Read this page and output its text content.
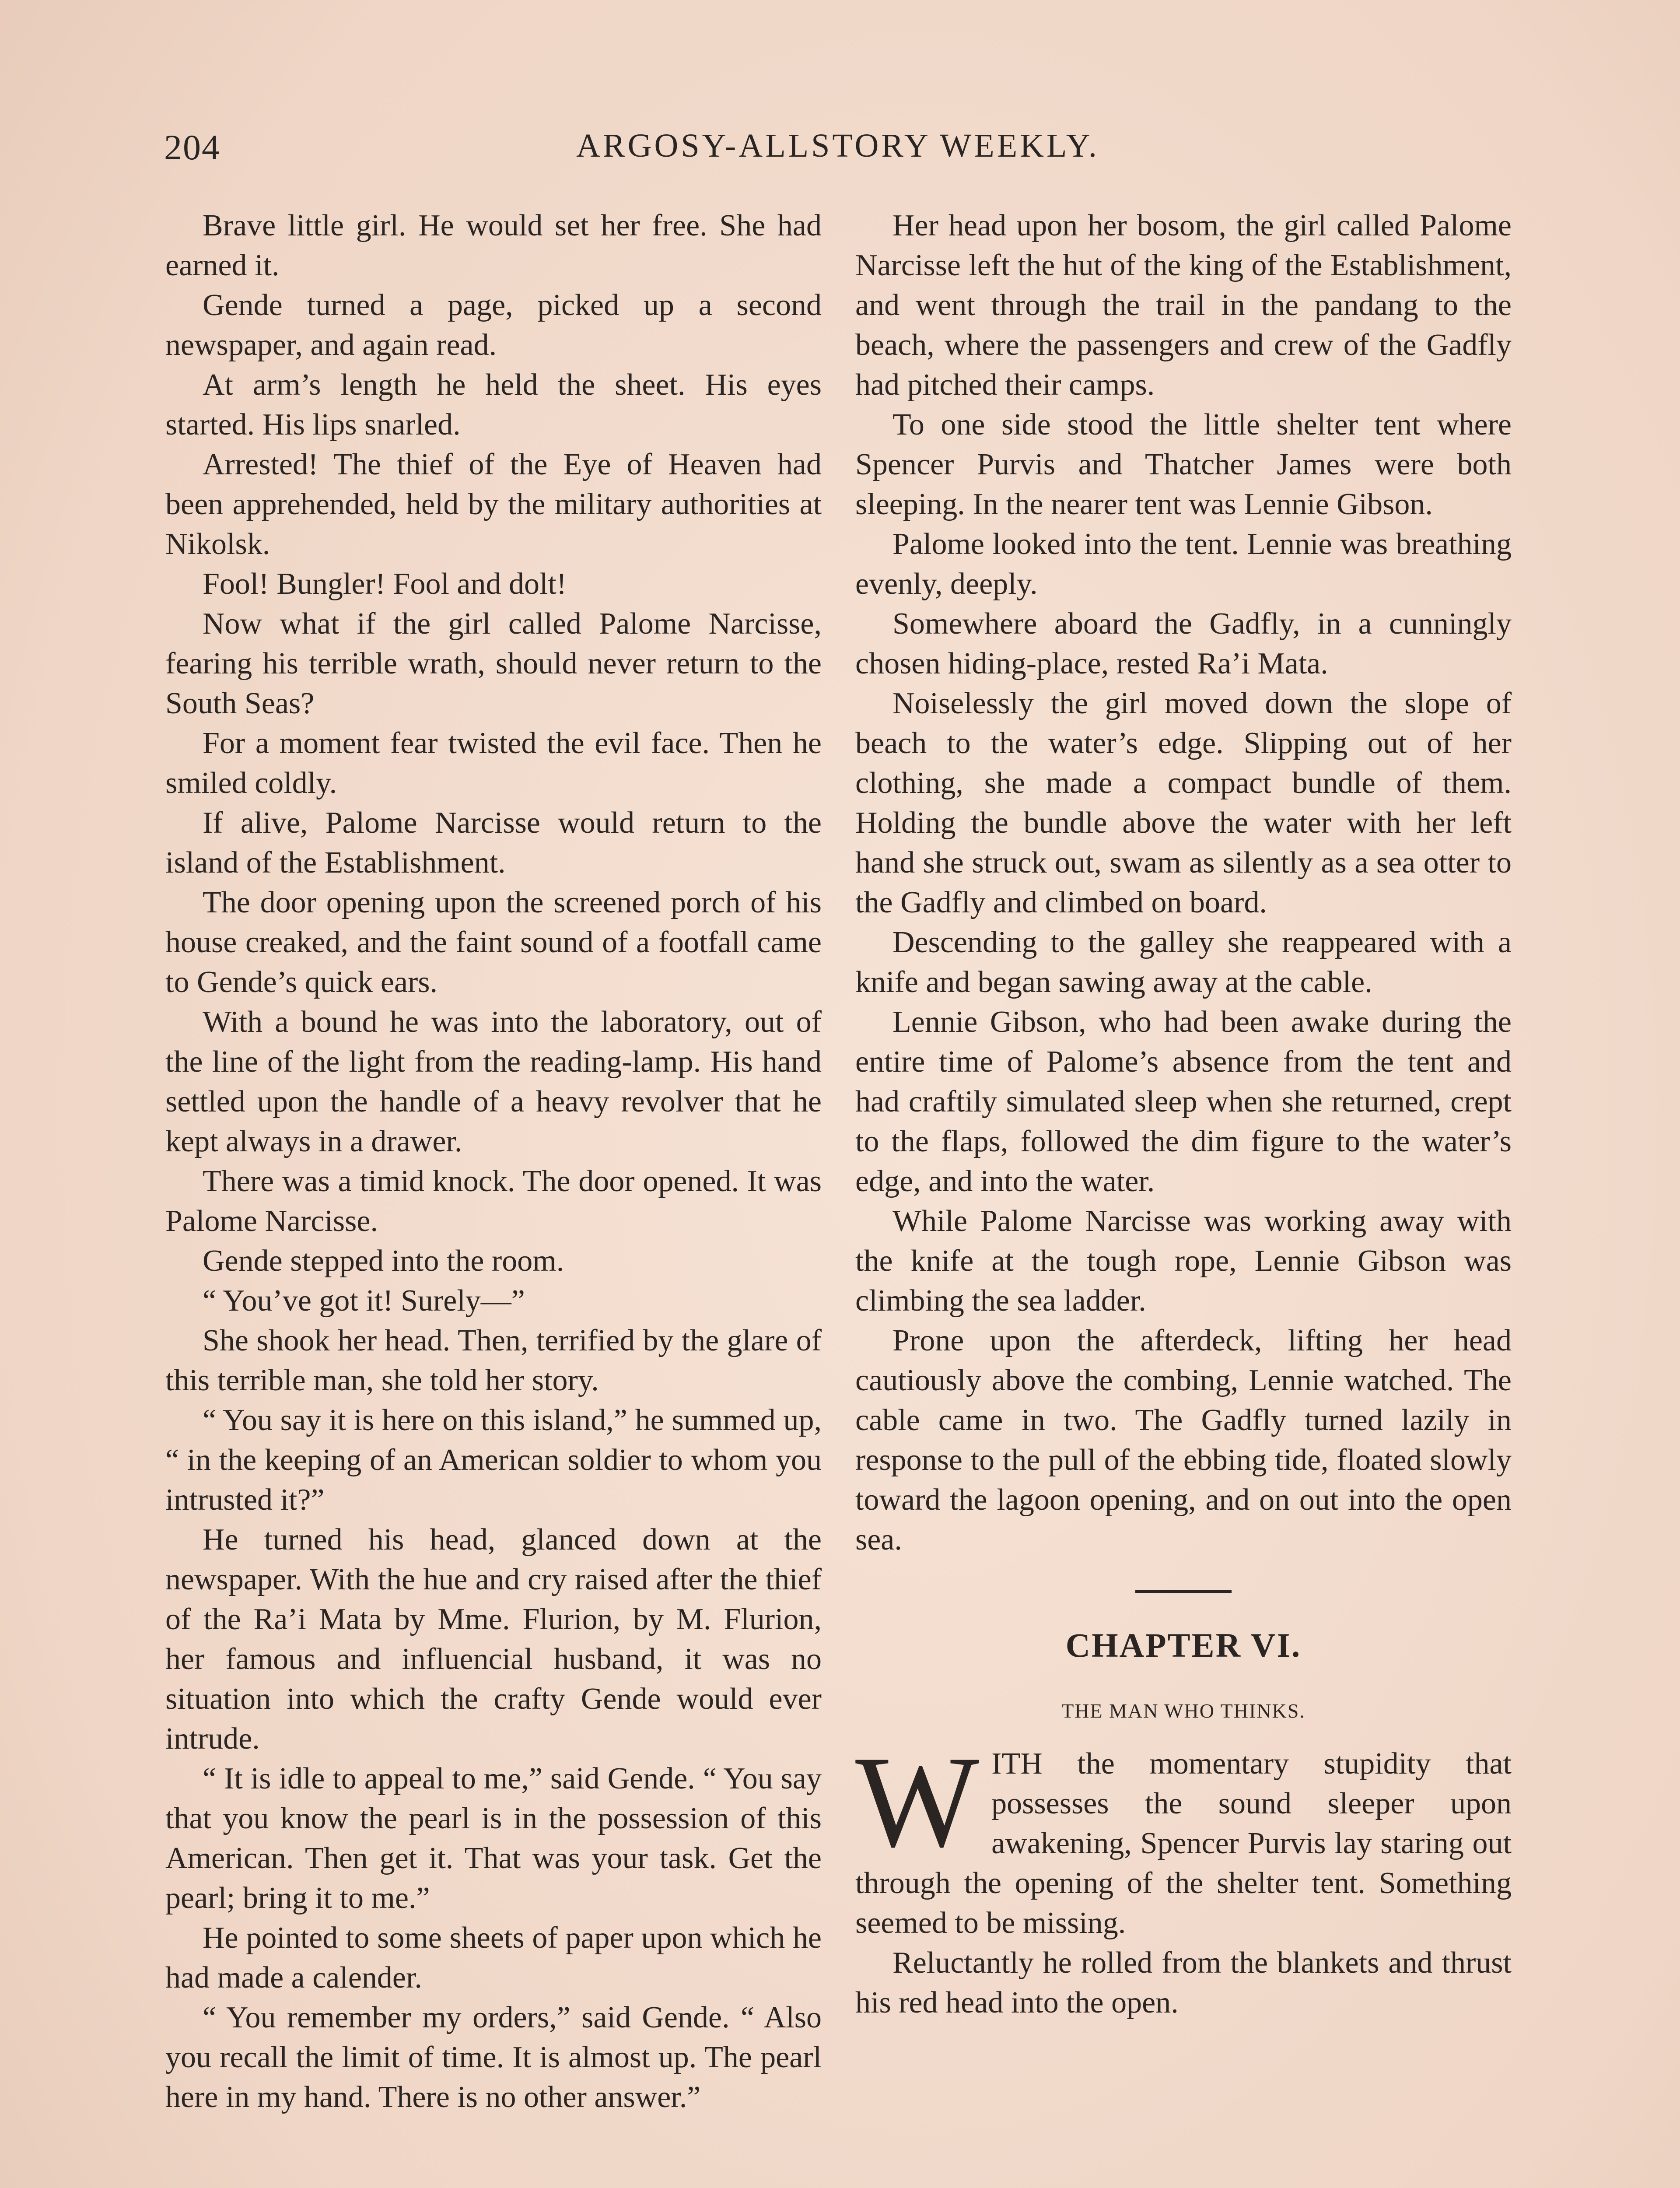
204	ARGOSY-ALLSTORY WEEKLY.

Brave little girl. He would set her free. She had earned it.

Gende turned a page, picked up a second newspaper, and again read.

At arm’s length he held the sheet. His eyes started. His lips snarled.

Arrested! The thief of the Eye of Heaven had been apprehended, held by the military authorities at Nikolsk.

Fool! Bungler! Fool and dolt!

Now what if the girl called Palome Narcisse, fearing his terrible wrath, should never return to the South Seas?

For a moment fear twisted the evil face. Then he smiled coldly.

If alive, Palome Narcisse would return to the island of the Establishment.

The door opening upon the screened porch of his house creaked, and the faint sound of a footfall came to Gende’s quick ears.

With a bound he was into the laboratory, out of the line of the light from the reading-lamp. His hand settled upon the handle of a heavy revolver that he kept always in a drawer.

There was a timid knock. The door opened. It was Palome Narcisse.

Gende stepped into the room.

“ You’ve got it! Surely—”

She shook her head. Then, terrified by the glare of this terrible man, she told her story.

“ You say it is here on this island,” he summed up, “ in the keeping of an American soldier to whom you intrusted it?”

He turned his head, glanced down at the newspaper. With the hue and cry raised after the thief of the Ra’i Mata by Mme. Flurion, by M. Flurion, her famous and influencial husband, it was no situation into which the crafty Gende would ever intrude.

“ It is idle to appeal to me,” said Gende. “ You say that you know the pearl is in the possession of this American. Then get it. That was your task. Get the pearl; bring it to me.”

He pointed to some sheets of paper upon which he had made a calender.

“ You remember my orders,” said Gende. “ Also you recall the limit of time. It is almost up. The pearl here in my hand. There is no other answer.”

Her head upon her bosom, the girl called Palome Narcisse left the hut of the king of the Establishment, and went through the trail in the pandang to the beach, where the passengers and crew of the Gadfly had pitched their camps.

To one side stood the little shelter tent where Spencer Purvis and Thatcher James were both sleeping. In the nearer tent was Lennie Gibson.

Palome looked into the tent. Lennie was breathing evenly, deeply.

Somewhere aboard the Gadfly, in a cunningly chosen hiding-place, rested Ra’i Mata.

Noiselessly the girl moved down the slope of beach to the water’s edge. Slipping out of her clothing, she made a compact bundle of them. Holding the bundle above the water with her left hand she struck out, swam as silently as a sea otter to the Gadfly and climbed on board.

Descending to the galley she reappeared with a knife and began sawing away at the cable.

Lennie Gibson, who had been awake during the entire time of Palome’s absence from the tent and had craftily simulated sleep when she returned, crept to the flaps, followed the dim figure to the water’s edge, and into the water.

While Palome Narcisse was working away with the knife at the tough rope, Lennie Gibson was climbing the sea ladder.

Prone upon the afterdeck, lifting her head cautiously above the combing, Lennie watched. The cable came in two. The Gadfly turned lazily in response to the pull of the ebbing tide, floated slowly toward the lagoon opening, and on out into the open sea.

CHAPTER VI.
THE MAN WHO THINKS.

WITH the momentary stupidity that possesses the sound sleeper upon awakening, Spencer Purvis lay staring out through the opening of the shelter tent. Something seemed to be missing.

Reluctantly he rolled from the blankets and thrust his red head into the open.
